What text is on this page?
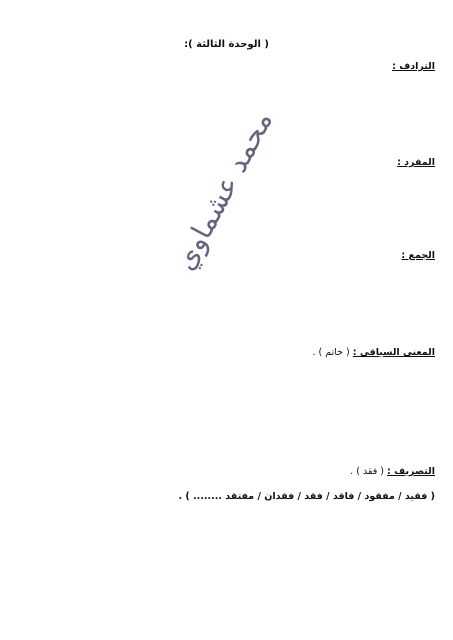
( الوحدة الثالثة ):
الترادف :
المفرد :
الجمع :
المعنى السياقي : ( خاتم ) .
التصريف : ( فقد ) .
( فقيد / مفقود / فاقد / فقد / فقدان / مفتقد ........ ) .
محمد عشماوي
